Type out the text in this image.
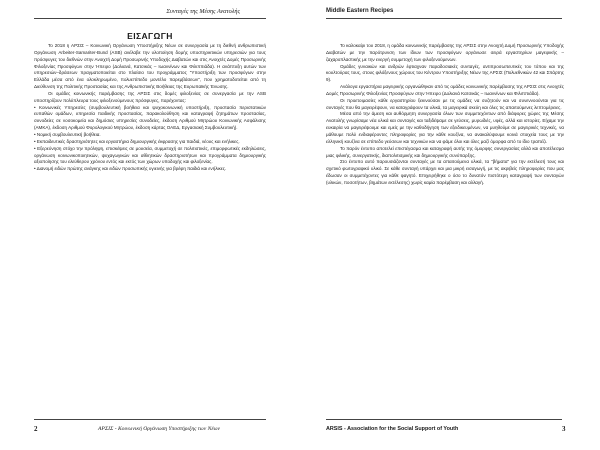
Συνταγές της Μέσης Ανατολής
ΕΙΣΑΓΩΓΗ

Το 2018 η ΑΡΣΙΣ – Κοινωνική Οργάνωση Υποστήριξης Νέων σε συνεργασία με τη διεθνή ανθρωπιστική Οργάνωση Arbeiter-Samariter-Bund (ASB) ανέλαβε την υλοποίηση δομής υποστηρικτικών υπηρεσιών για τους πρόσφυγες του διεθνών στην Ανοιχτή Δομή Προσωρινής Υποδοχής Διαβατών και στις Ανοιχτές Δομές Προσωρινής Φιλοξενίας Προσφύγων στην Ήπειρο (Δολιανά, Κατσικάς – Ιωαννίνων και Φιλιππιάδα). Η ανάπτυξη αυτών των υπηρεσιών–δράσεων πραγματοποιείται στο πλαίσιο του προγράμματος "Υποστήριξη των προσφύγων στην Ελλάδα μέσα από ένα ολοκληρωμένο, πολυεπίπεδο μοντέλο παρεμβάσεων", που χρηματοδοτείται από τη Διεύθυνση της Πολιτικής Προστασίας και της Ανθρωπιστικής Βοήθειας της Ευρωπαϊκής Ένωσης.

Οι ομάδες κοινωνικής παρέμβασης της ΑΡΣΙΣ στις δομές φιλοξενίας σε συνεργασία με την ASB υποστηρίζουν πολύπλευρα τους φιλοξενούμενους πρόσφυγες, παρέχοντας:

• Κοινωνικές Υπηρεσίες (συμβουλευτική βοήθεια και ψυχοκοινωνική υποστήριξη, προστασία περιστατικών ευπαθών ομάδων, υπηρεσία παιδικής προστασίας, παρακολούθηση και καταγραφή ζητημάτων προστασίας, συνοδείες σε νοσοκομεία και δημόσιες υπηρεσίες συνοδείες, έκδοση Αριθμού Μητρώου Κοινωνικής Ασφάλισης (ΑΜΚΑ), έκδοση Αριθμού Φορολογικού Μητρώου, έκδοση κάρτας ΟΑΕΔ, Εργασιακή Συμβουλευτική).

• Νομική συμβουλευτική βοήθεια.

• Εκπαιδευτικές δραστηριότητες και εργαστήρια δημιουργικής έκφρασης για παιδιά, νέους και ενήλικες.

• Εξερεύνηση στόχο την πρόληψη, επισκέψεις σε μουσεία, συμμετοχή σε πολιτιστικές, επιμορφωτικές εκδηλώσεις, οργάνωση κοινωνικοποιητικών, ψυχαγωγικών και αθλητικών δραστηριοτήτων και προγράμματα δημιουργικής αξιοποίησης του ελεύθερου χρόνου εντός και εκτός των χώρων υποδοχής και φιλοξενίας.

• Διανομή ειδών πρώτης ανάγκης και ειδών προσωπικής υγιεινής για βρέφη παιδιά και ενήλικες.

2	ΑΡΣΙΣ - Κοινωνική Οργάνωση Υποστήριξης των Νέων
Middle Eastern Recipes

Το καλοκαίρι του 2018, η ομάδα κοινωνικής παρέμβασης της ΑΡΣΙΣ στην Ανοιχτή Δομή Προσωρινής Υποδοχής Διαβατών με την παρότρυνση των ίδιων των προσφύγων οργάνωσε σειρά εργαστηρίων μαγειρικής – ζαχαροπλαστικής με την ενεργή συμμετοχή των φιλοξενούμενων.

Ομάδες γυναικών και ανδρών έφτιαχναν παραδοσιακές συνταγές, αντιπροσωπευτικές του τόπου και της κουλτούρας τους, στους φιλόξενους χώρους του Κέντρου Υποστήριξης Νέων της ΑΡΣΙΣ (Πολυεθνικών 42 και Σπάρτης 9).

Ανάλογα εργαστήρια μαγειρικής οργανώθηκαν από τις ομάδες κοινωνικής παρέμβασης της ΑΡΣΙΣ στις Ανοιχτές Δομές Προσωρινής Φιλοξενίας Προσφύγων στην Ήπειρο (Δολιανά Κατσικάς – Ιωαννίνων και Φιλιππιάδα).

Οι προετοιμασίες κάθε εργαστηρίου ξεκινούσαν με τις ομάδες να συζητούν και να συνεννοούνται για τις συνταγές που θα μαγειρέψουν, να καταγράφουν τα υλικά, τα μαγειρικά σκεύη και όλες τις απαιτούμενες λεπτομέρειες.

Μέσα από την άμεση και αυθόρμητη συνεργασία όλων των συμμετεχόντων από διάφορες χώρες της Μέσης Ανατολής γνωρίσαμε νέα υλικά και συνταγές και ταξιδέψαμε σε γεύσεις, μυρωδιές, υφές, αλλά και ιστορίες. Είχαμε την ευκαιρία να μαγειρέψουμε και εμείς με την καθοδήγηση των εξειδικευμένων, να μυηθούμε σε μαγειρικές τεχνικές, να μάθουμε πολύ ενδιαφέροντες πληροφορίες για την κάθε κουζίνα, να ανακαλύψουμε κοινά στοιχεία τους με την ελληνική κουζίνα σε επίπεδο γεύσεων και τεχνικών και να φάμε όλοι και όλες μαζί όμορφα από το ίδιο τραπέζι.

Το παρόν έντυπο αποτελεί επιστέγασμα και καταγραφή αυτής της όμορφης συνεργασίας αλλά και αποτέλεσμα μιας φιλικής, συνεργατικής, διαπολιτισμικής και δημιουργικής συνύπαρξης.

Στο έντυπο αυτό παρουσιάζονται συνταγές με τα απαιτούμενα υλικά, τα "βήματα" για την εκτέλεσή τους και σχετικό φωτογραφικό υλικό. Σε κάθε συνταγή υπάρχει και μια μικρή εισαγωγή, με τις ακριβείς πληροφορίες που μας έδωσαν οι συμμετέχοντες για κάθε φαγητό. Επιχειρήθηκε ο όσο το δυνατόν πιστότερη καταγραφή των συνταγών (υλικών, ποσοτήτων, βημάτων εκτέλεσης) χωρίς καμία παρέμβαση και αλλαγή.

ARSIS - Association for the Social Support of Youth	3
